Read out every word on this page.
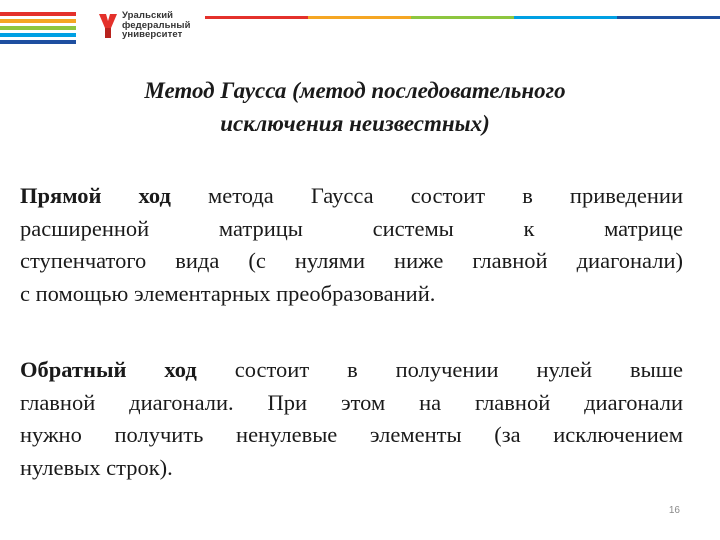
Уральский
федеральный
университет
Метод Гаусса (метод последовательного
исключения неизвестных)
Прямой ход метода Гаусса состоит в приведении
расширенной матрицы системы к матрице
ступенчатого вида (с нулями ниже главной диагонали)
с помощью элементарных преобразований.
Обратный ход состоит в получении нулей выше
главной диагонали. При этом на главной диагонали
нужно получить ненулевые элементы (за исключением
нулевых строк).
16
